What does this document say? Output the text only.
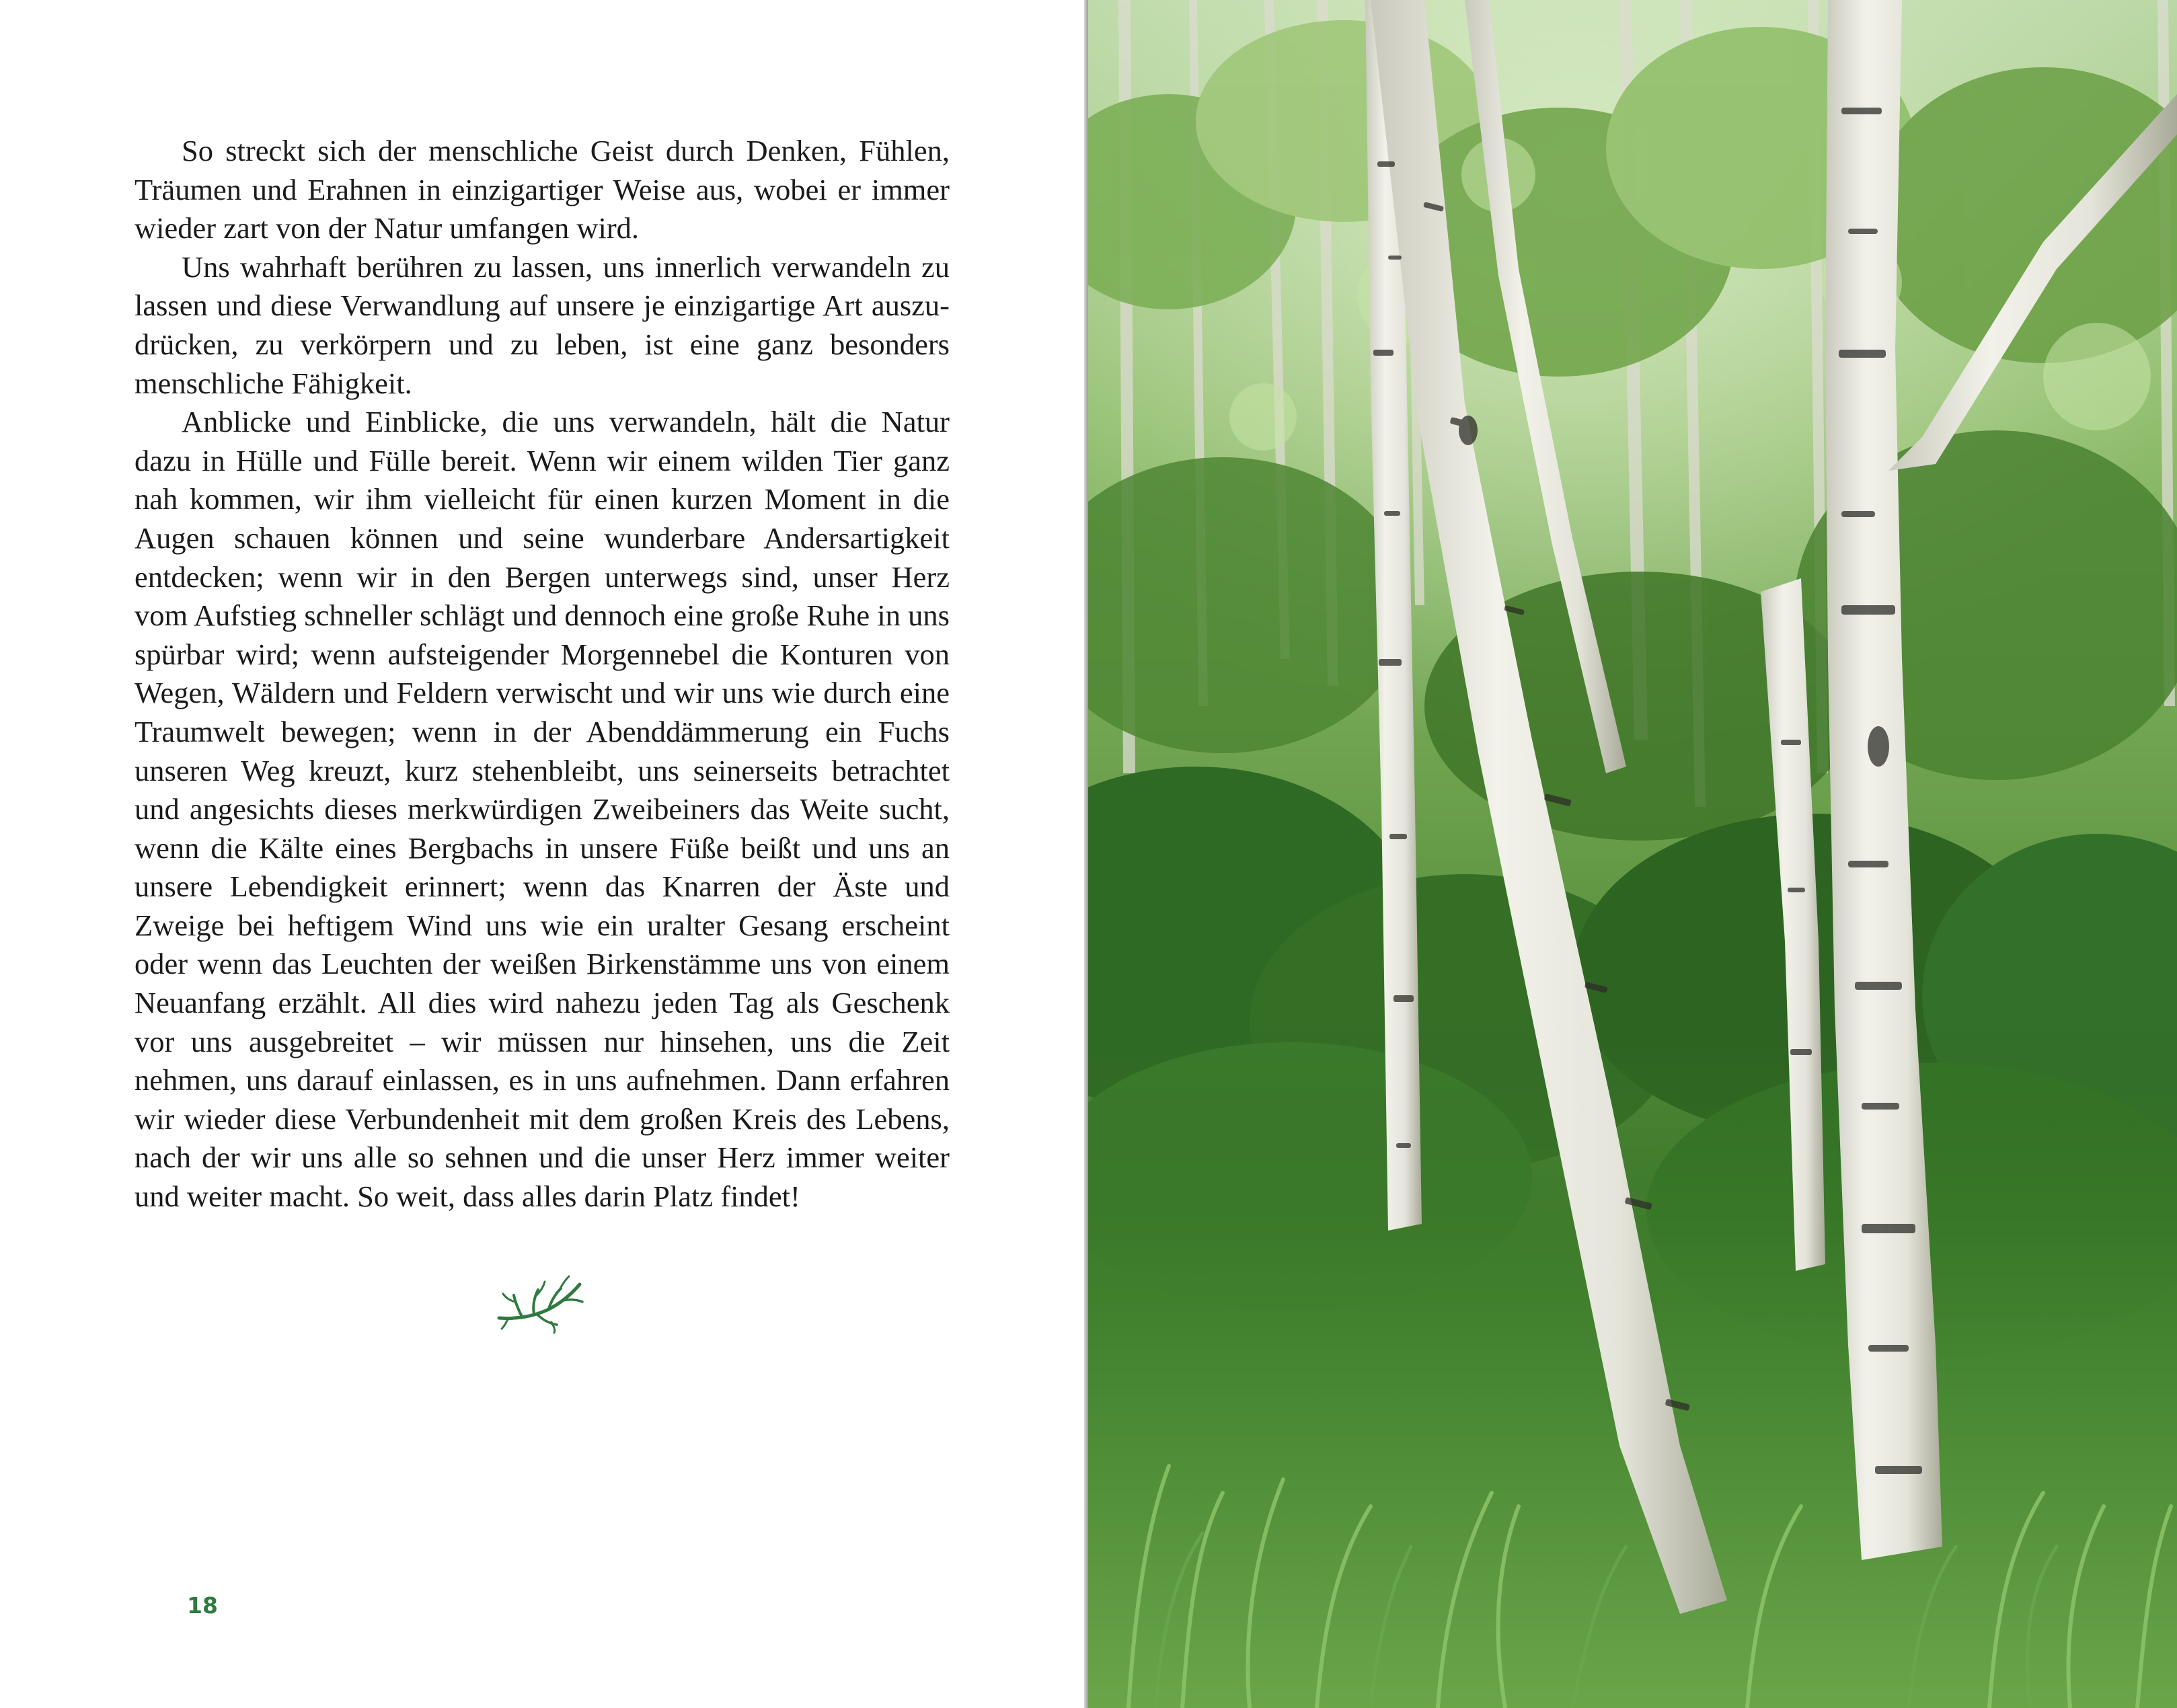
So streckt sich der menschliche Geist durch Denken, Fühlen, Träumen und Erahnen in einzigartiger Weise aus, wobei er immer wieder zart von der Natur umfangen wird.

Uns wahrhaft berühren zu lassen, uns innerlich verwandeln zu lassen und diese Verwandlung auf unsere je einzigartige Art auszudrücken, zu verkörpern und zu leben, ist eine ganz besonders menschliche Fähigkeit.

Anblicke und Einblicke, die uns verwandeln, hält die Natur dazu in Hülle und Fülle bereit. Wenn wir einem wilden Tier ganz nah kommen, wir ihm vielleicht für einen kurzen Moment in die Augen schauen können und seine wunderbare Andersartigkeit entdecken; wenn wir in den Bergen unterwegs sind, unser Herz vom Aufstieg schneller schlägt und dennoch eine große Ruhe in uns spürbar wird; wenn aufsteigender Morgennebel die Konturen von Wegen, Wäldern und Feldern verwischt und wir uns wie durch eine Traumwelt bewegen; wenn in der Abenddämmerung ein Fuchs unseren Weg kreuzt, kurz stehenbleibt, uns seinerseits betrachtet und angesichts dieses merkwürdigen Zweibeiners das Weite sucht, wenn die Kälte eines Bergbachs in unsere Füße beißt und uns an unsere Lebendigkeit erinnert; wenn das Knarren der Äste und Zweige bei heftigem Wind uns wie ein uralter Gesang erscheint oder wenn das Leuchten der weißen Birkenstämme uns von einem Neuanfang erzählt. All dies wird nahezu jeden Tag als Geschenk vor uns ausgebreitet – wir müssen nur hinsehen, uns die Zeit nehmen, uns darauf einlassen, es in uns aufnehmen. Dann erfahren wir wieder diese Verbundenheit mit dem großen Kreis des Lebens, nach der wir uns alle so sehnen und die unser Herz immer weiter und weiter macht. So weit, dass alles darin Platz findet!

18
